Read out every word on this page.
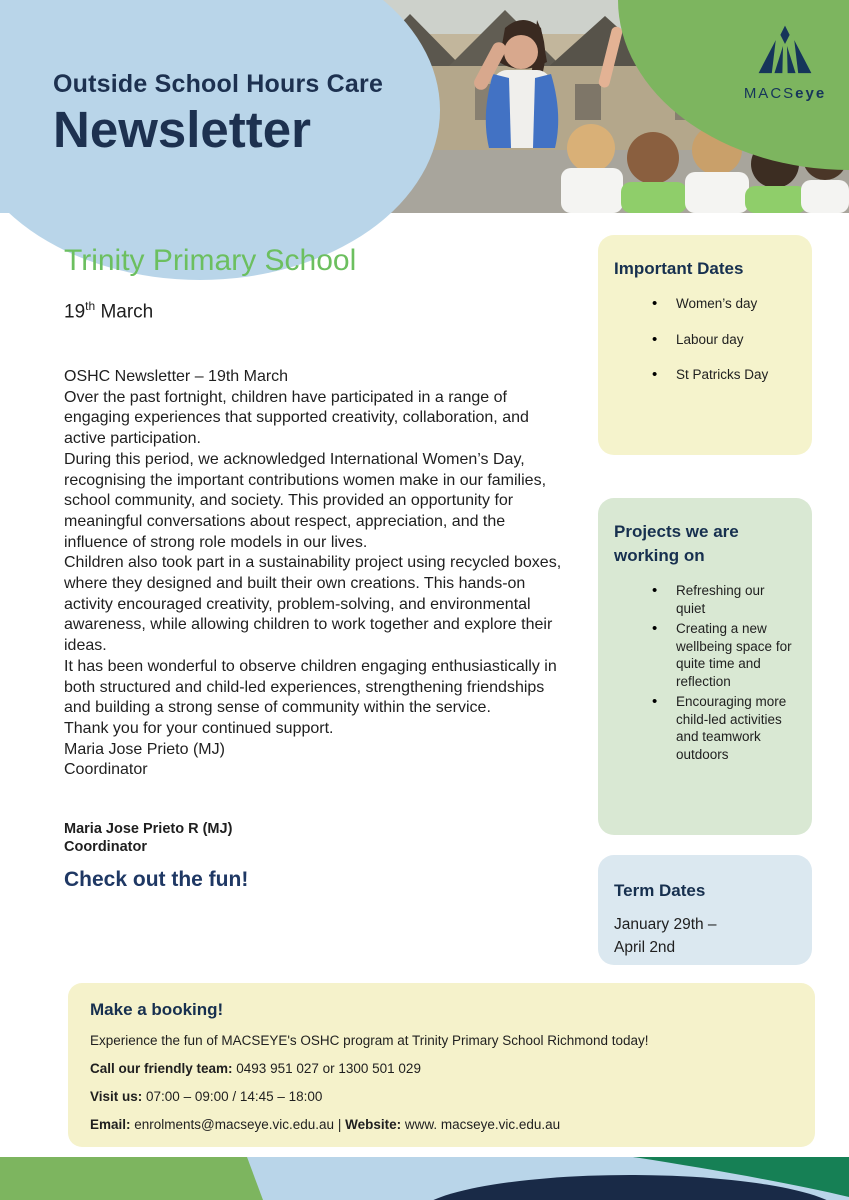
Outside School Hours Care
Newsletter
MACSeye
Trinity Primary School
19th March

OSHC Newsletter – 19th March

Over the past fortnight, children have participated in a range of engaging experiences that supported creativity, collaboration, and active participation.

During this period, we acknowledged International Women’s Day, recognising the important contributions women make in our families, school community, and society. This provided an opportunity for meaningful conversations about respect, appreciation, and the influence of strong role models in our lives.

Children also took part in a sustainability project using recycled boxes, where they designed and built their own creations. This hands-on activity encouraged creativity, problem-solving, and environmental awareness, while allowing children to work together and explore their ideas.

It has been wonderful to observe children engaging enthusiastically in both structured and child-led experiences, strengthening friendships and building a strong sense of community within the service.

Thank you for your continued support.

Maria Jose Prieto (MJ)

Coordinator

Maria Jose Prieto R (MJ)
Coordinator
Check out the fun!
Important Dates
• Women’s day
• Labour day
• St Patricks Day
Projects we are working on
• Refreshing our quiet
• Creating a new wellbeing space for quite time and reflection
• Encouraging more child-led activities and teamwork outdoors
Term Dates
January 29th –
April 2nd
Make a booking!

Experience the fun of MACSEYE's OSHC program at Trinity Primary School Richmond today!

Call our friendly team: 0493 951 027 or 1300 501 029

Visit us: 07:00 – 09:00 / 14:45 – 18:00

Email: enrolments@macseye.vic.edu.au | Website: www. macseye.vic.edu.au
